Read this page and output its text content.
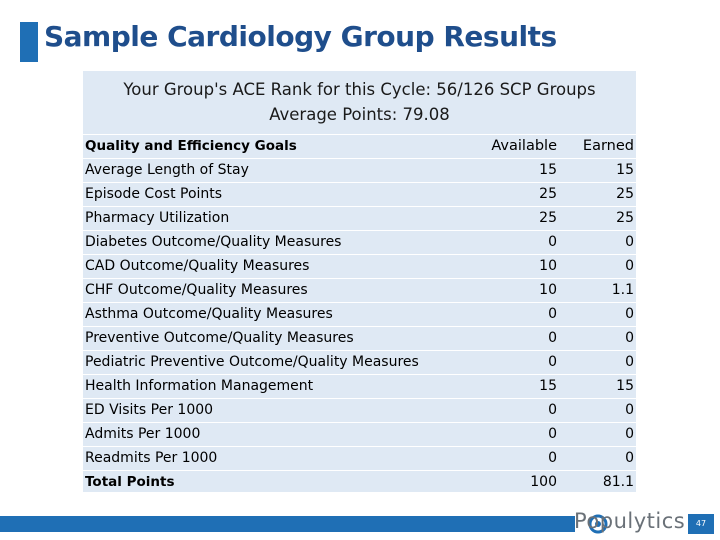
Sample Cardiology Group Results
Your Group's ACE Rank for this Cycle: 56/126 SCP Groups
Average Points: 79.08
Quality and Efficiency Goals	Available Earned
Average Length of Stay	15	15
Episode Cost Points	25	25
Pharmacy Utilization	25	25
Diabetes Outcome/Quality Measures	0	0
CAD Outcome/Quality Measures	10	0
CHF Outcome/Quality Measures	10	1.1
Asthma Outcome/Quality Measures	0	0
Preventive Outcome/Quality Measures	0	0
Pediatric Preventive Outcome/Quality Measures	0	0
Health Information Management	15	15
ED Visits Per 1000	0	0
Admits Per 1000	0	0
Readmits Per 1000	0	0
Total Points	100	81.1
Populytics	47
